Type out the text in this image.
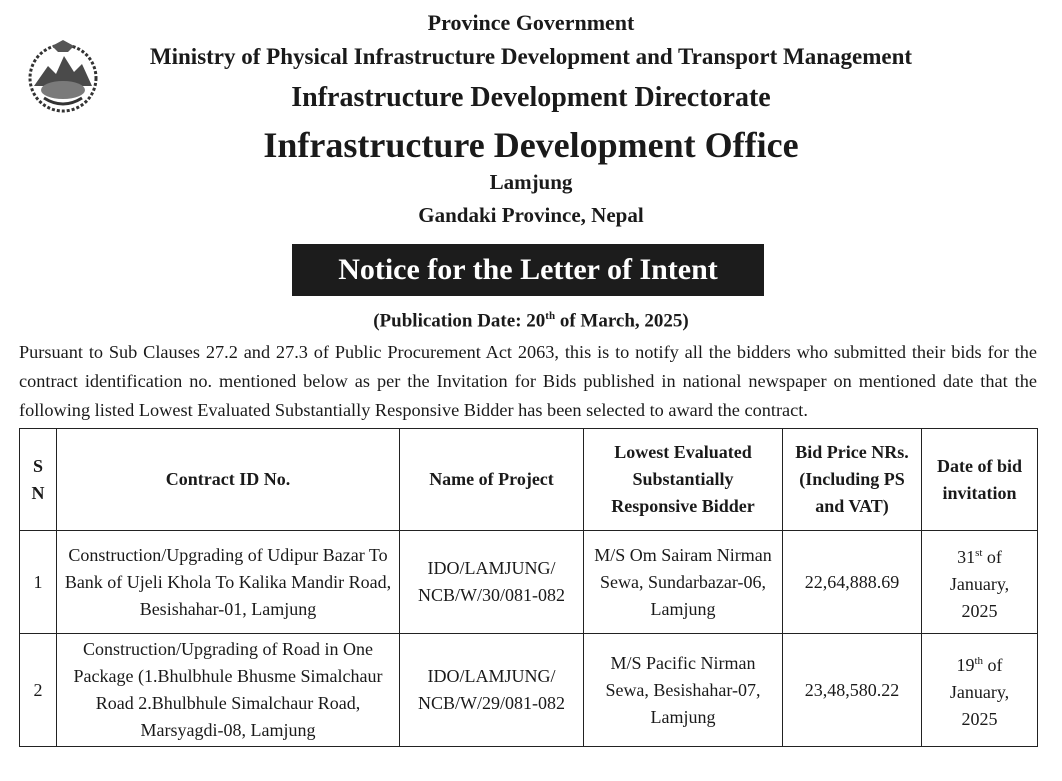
Province Government
Ministry of Physical Infrastructure Development and Transport Management
Infrastructure Development Directorate
Infrastructure Development Office
Lamjung
Gandaki Province, Nepal
Notice for the Letter of Intent
(Publication Date: 20th of March, 2025)

Pursuant to Sub Clauses 27.2 and 27.3 of Public Procurement Act 2063, this is to notify all the bidders who submitted their bids for the contract identification no. mentioned below as per the Invitation for Bids published in national newspaper on mentioned date that the following listed Lowest Evaluated Substantially Responsive Bidder has been selected to award the contract.

S
N	Contract ID No.	Name of Project	Lowest Evaluated Substantially Responsive Bidder	Bid Price NRs. (Including PS and VAT)	Date of bid invitation
1	Construction/Upgrading of Udipur Bazar To Bank of Ujeli Khola To Kalika Mandir Road, Besishahar-01, Lamjung	IDO/LAMJUNG/ NCB/W/30/081-082	M/S Om Sairam Nirman Sewa, Sundarbazar-06, Lamjung	22,64,888.69	31st of
January,
2025

2	Construction/Upgrading of Road in One Package (1.Bhulbhule Bhusme Simalchaur Road 2.Bhulbhule Simalchaur Road, Marsyagdi-08, Lamjung	IDO/LAMJUNG/ NCB/W/29/081-082	M/S Pacific Nirman Sewa, Besishahar-07, Lamjung	23,48,580.22	19th of
January,
2025
